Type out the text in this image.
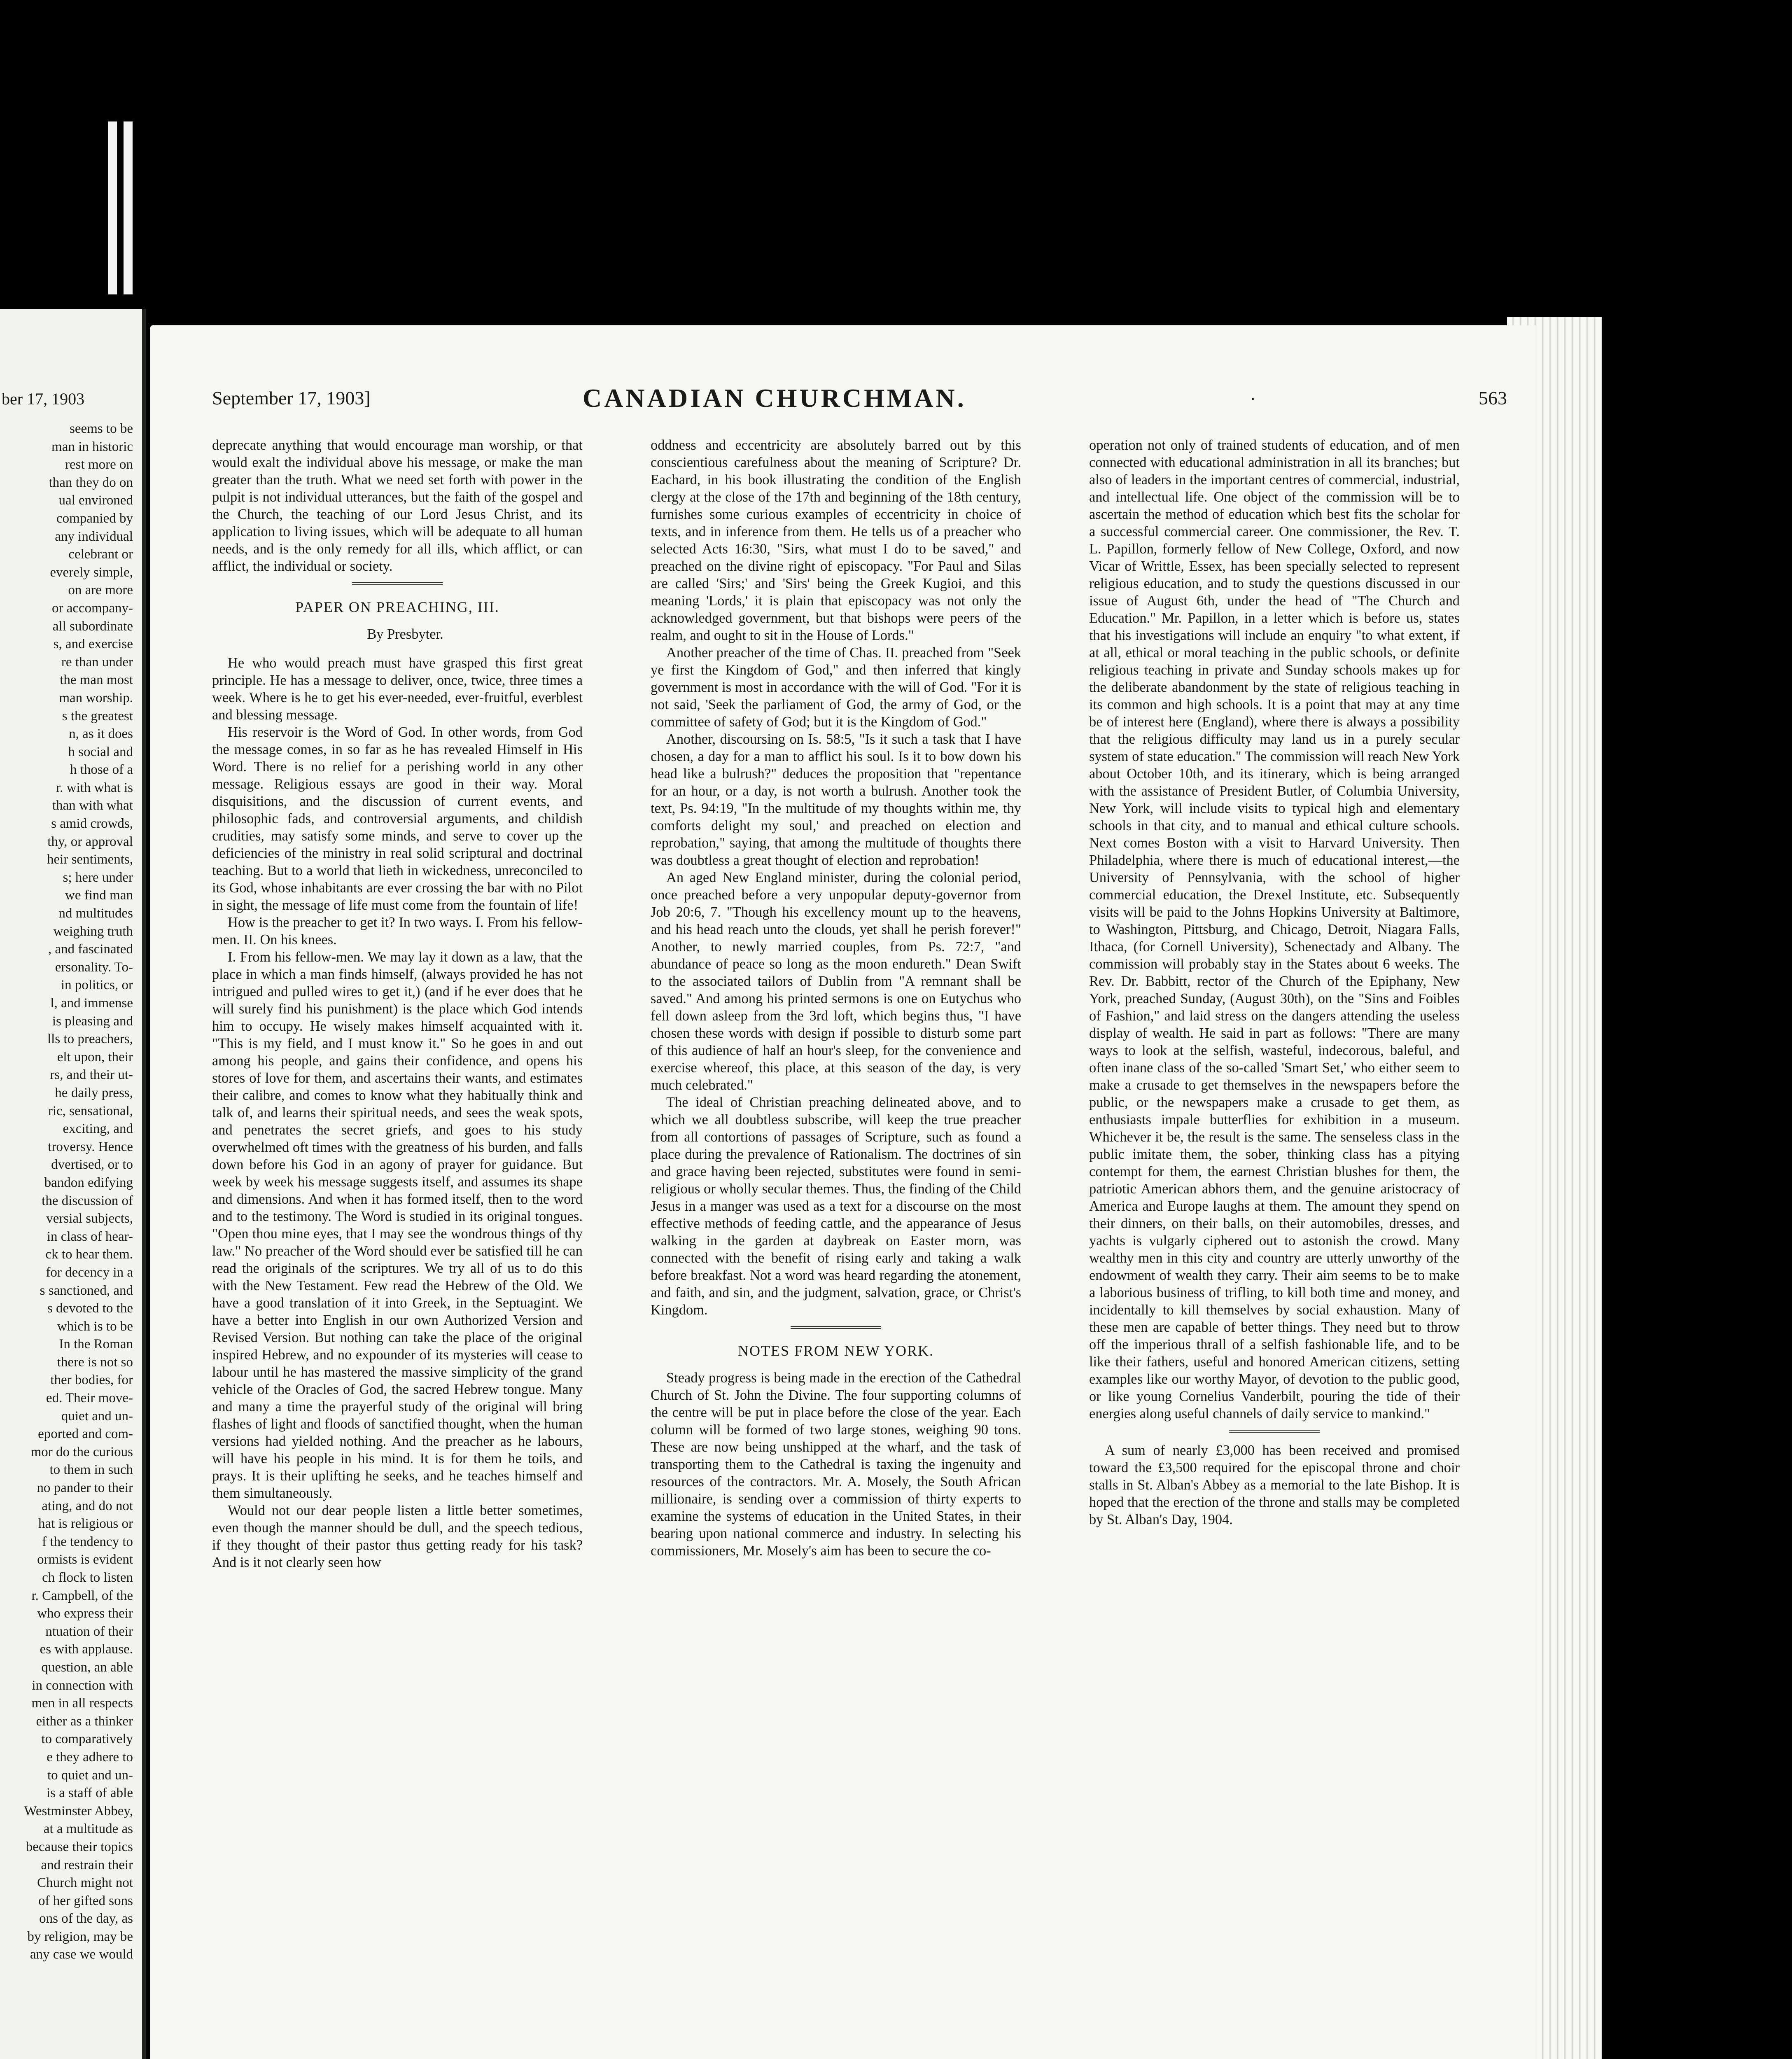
ber 17, 1903
seems to be
man in historic
rest more on
than they do on
ual environed
companied by
any individual
celebrant or
everely simple,
on are more
or accompany-
all subordinate
s, and exercise
re than under
the man most
man worship.
s the greatest
n, as it does
h social and
h those of a
r. with what is
than with what
s amid crowds,
thy, or approval
heir sentiments,
s; here under
we find man
nd multitudes
weighing truth
, and fascinated
ersonality. To-
in politics, or
l, and immense
is pleasing and
lls to preachers,
elt upon, their
rs, and their ut-
he daily press,
ric, sensational,
exciting, and
troversy. Hence
dvertised, or to
bandon edifying
the discussion of
versial subjects,
in class of hear-
ck to hear them.
for decency in a
s sanctioned, and
s devoted to the
which is to be
In the Roman
there is not so
ther bodies, for
ed. Their move-
quiet and un-
eported and com-
mor do the curious
to them in such
no pander to their
ating, and do not
hat is religious or
f the tendency to
ormists is evident
ch flock to listen
r. Campbell, of the
who express their
ntuation of their
es with applause.
question, an able
in connection with
men in all respects
either as a thinker
to comparatively
e they adhere to
to quiet and un-
is a staff of able
Westminster Abbey,
at a multitude as
because their topics
and restrain their
Church might not
of her gifted sons
ons of the day, as
by religion, may be
any case we would
September 17, 1903]	CANADIAN CHURCHMAN.	·	563

deprecate anything that would encourage man worship, or that would exalt the individual above his message, or make the man greater than the truth. What we need set forth with power in the pulpit is not individual utterances, but the faith of the gospel and the Church, the teaching of our Lord Jesus Christ, and its application to living issues, which will be adequate to all human needs, and is the only remedy for all ills, which afflict, or can afflict, the individual or society.

PAPER ON PREACHING, III.

By Presbyter.

He who would preach must have grasped this first great principle. He has a message to deliver, once, twice, three times a week. Where is he to get his ever-needed, ever-fruitful, everblest and blessing message.

His reservoir is the Word of God. In other words, from God the message comes, in so far as he has revealed Himself in His Word. There is no relief for a perishing world in any other message. Religious essays are good in their way. Moral disquisitions, and the discussion of current events, and philosophic fads, and controversial arguments, and childish crudities, may satisfy some minds, and serve to cover up the deficiencies of the ministry in real solid scriptural and doctrinal teaching. But to a world that lieth in wickedness, unreconciled to its God, whose inhabitants are ever crossing the bar with no Pilot in sight, the message of life must come from the fountain of life!

How is the preacher to get it? In two ways. I. From his fellow-men. II. On his knees.

I. From his fellow-men. We may lay it down as a law, that the place in which a man finds himself, (always provided he has not intrigued and pulled wires to get it,) (and if he ever does that he will surely find his punishment) is the place which God intends him to occupy. He wisely makes himself acquainted with it. "This is my field, and I must know it." So he goes in and out among his people, and gains their confidence, and opens his stores of love for them, and ascertains their wants, and estimates their calibre, and comes to know what they habitually think and talk of, and learns their spiritual needs, and sees the weak spots, and penetrates the secret griefs, and goes to his study overwhelmed oft times with the greatness of his burden, and falls down before his God in an agony of prayer for guidance. But week by week his message suggests itself, and assumes its shape and dimensions. And when it has formed itself, then to the word and to the testimony. The Word is studied in its original tongues. "Open thou mine eyes, that I may see the wondrous things of thy law." No preacher of the Word should ever be satisfied till he can read the originals of the scriptures. We try all of us to do this with the New Testament. Few read the Hebrew of the Old. We have a good translation of it into Greek, in the Septuagint. We have a better into English in our own Authorized Version and Revised Version. But nothing can take the place of the original inspired Hebrew, and no expounder of its mysteries will cease to labour until he has mastered the massive simplicity of the grand vehicle of the Oracles of God, the sacred Hebrew tongue. Many and many a time the prayerful study of the original will bring flashes of light and floods of sanctified thought, when the human versions had yielded nothing. And the preacher as he labours, will have his people in his mind. It is for them he toils, and prays. It is their uplifting he seeks, and he teaches himself and them simultaneously.

Would not our dear people listen a little better sometimes, even though the manner should be dull, and the speech tedious, if they thought of their pastor thus getting ready for his task? And is it not clearly seen how

oddness and eccentricity are absolutely barred out by this conscientious carefulness about the meaning of Scripture? Dr. Eachard, in his book illustrating the condition of the English clergy at the close of the 17th and beginning of the 18th century, furnishes some curious examples of eccentricity in choice of texts, and in inference from them. He tells us of a preacher who selected Acts 16:30, "Sirs, what must I do to be saved," and preached on the divine right of episcopacy. "For Paul and Silas are called 'Sirs;' and 'Sirs' being the Greek Kugioi, and this meaning 'Lords,' it is plain that episcopacy was not only the acknowledged government, but that bishops were peers of the realm, and ought to sit in the House of Lords."

Another preacher of the time of Chas. II. preached from "Seek ye first the Kingdom of God," and then inferred that kingly government is most in accordance with the will of God. "For it is not said, 'Seek the parliament of God, the army of God, or the committee of safety of God; but it is the Kingdom of God."

Another, discoursing on Is. 58:5, "Is it such a task that I have chosen, a day for a man to afflict his soul. Is it to bow down his head like a bulrush?" deduces the proposition that "repentance for an hour, or a day, is not worth a bulrush. Another took the text, Ps. 94:19, "In the multitude of my thoughts within me, thy comforts delight my soul,' and preached on election and reprobation," saying, that among the multitude of thoughts there was doubtless a great thought of election and reprobation!

An aged New England minister, during the colonial period, once preached before a very unpopular deputy-governor from Job 20:6, 7. "Though his excellency mount up to the heavens, and his head reach unto the clouds, yet shall he perish forever!" Another, to newly married couples, from Ps. 72:7, "and abundance of peace so long as the moon endureth." Dean Swift to the associated tailors of Dublin from "A remnant shall be saved." And among his printed sermons is one on Eutychus who fell down asleep from the 3rd loft, which begins thus, "I have chosen these words with design if possible to disturb some part of this audience of half an hour's sleep, for the convenience and exercise whereof, this place, at this season of the day, is very much celebrated."

The ideal of Christian preaching delineated above, and to which we all doubtless subscribe, will keep the true preacher from all contortions of passages of Scripture, such as found a place during the prevalence of Rationalism. The doctrines of sin and grace having been rejected, substitutes were found in semi-religious or wholly secular themes. Thus, the finding of the Child Jesus in a manger was used as a text for a discourse on the most effective methods of feeding cattle, and the appearance of Jesus walking in the garden at daybreak on Easter morn, was connected with the benefit of rising early and taking a walk before breakfast. Not a word was heard regarding the atonement, and faith, and sin, and the judgment, salvation, grace, or Christ's Kingdom.

NOTES FROM NEW YORK.

Steady progress is being made in the erection of the Cathedral Church of St. John the Divine. The four supporting columns of the centre will be put in place before the close of the year. Each column will be formed of two large stones, weighing 90 tons. These are now being unshipped at the wharf, and the task of transporting them to the Cathedral is taxing the ingenuity and resources of the contractors. Mr. A. Mosely, the South African millionaire, is sending over a commission of thirty experts to examine the systems of education in the United States, in their bearing upon national commerce and industry. In selecting his commissioners, Mr. Mosely's aim has been to secure the co-

operation not only of trained students of education, and of men connected with educational administration in all its branches; but also of leaders in the important centres of commercial, industrial, and intellectual life. One object of the commission will be to ascertain the method of education which best fits the scholar for a successful commercial career. One commissioner, the Rev. T. L. Papillon, formerly fellow of New College, Oxford, and now Vicar of Writtle, Essex, has been specially selected to represent religious education, and to study the questions discussed in our issue of August 6th, under the head of "The Church and Education." Mr. Papillon, in a letter which is before us, states that his investigations will include an enquiry "to what extent, if at all, ethical or moral teaching in the public schools, or definite religious teaching in private and Sunday schools makes up for the deliberate abandonment by the state of religious teaching in its common and high schools. It is a point that may at any time be of interest here (England), where there is always a possibility that the religious difficulty may land us in a purely secular system of state education." The commission will reach New York about October 10th, and its itinerary, which is being arranged with the assistance of President Butler, of Columbia University, New York, will include visits to typical high and elementary schools in that city, and to manual and ethical culture schools. Next comes Boston with a visit to Harvard University. Then Philadelphia, where there is much of educational interest,—the University of Pennsylvania, with the school of higher commercial education, the Drexel Institute, etc. Subsequently visits will be paid to the Johns Hopkins University at Baltimore, to Washington, Pittsburg, and Chicago, Detroit, Niagara Falls, Ithaca, (for Cornell University), Schenectady and Albany. The commission will probably stay in the States about 6 weeks. The Rev. Dr. Babbitt, rector of the Church of the Epiphany, New York, preached Sunday, (August 30th), on the "Sins and Foibles of Fashion," and laid stress on the dangers attending the useless display of wealth. He said in part as follows: "There are many ways to look at the selfish, wasteful, indecorous, baleful, and often inane class of the so-called 'Smart Set,' who either seem to make a crusade to get themselves in the newspapers before the public, or the newspapers make a crusade to get them, as enthusiasts impale butterflies for exhibition in a museum. Whichever it be, the result is the same. The senseless class in the public imitate them, the sober, thinking class has a pitying contempt for them, the earnest Christian blushes for them, the patriotic American abhors them, and the genuine aristocracy of America and Europe laughs at them. The amount they spend on their dinners, on their balls, on their automobiles, dresses, and yachts is vulgarly ciphered out to astonish the crowd. Many wealthy men in this city and country are utterly unworthy of the endowment of wealth they carry. Their aim seems to be to make a laborious business of trifling, to kill both time and money, and incidentally to kill themselves by social exhaustion. Many of these men are capable of better things. They need but to throw off the imperious thrall of a selfish fashionable life, and to be like their fathers, useful and honored American citizens, setting examples like our worthy Mayor, of devotion to the public good, or like young Cornelius Vanderbilt, pouring the tide of their energies along useful channels of daily service to mankind."

A sum of nearly £3,000 has been received and promised toward the £3,500 required for the episcopal throne and choir stalls in St. Alban's Abbey as a memorial to the late Bishop. It is hoped that the erection of the throne and stalls may be completed by St. Alban's Day, 1904.
